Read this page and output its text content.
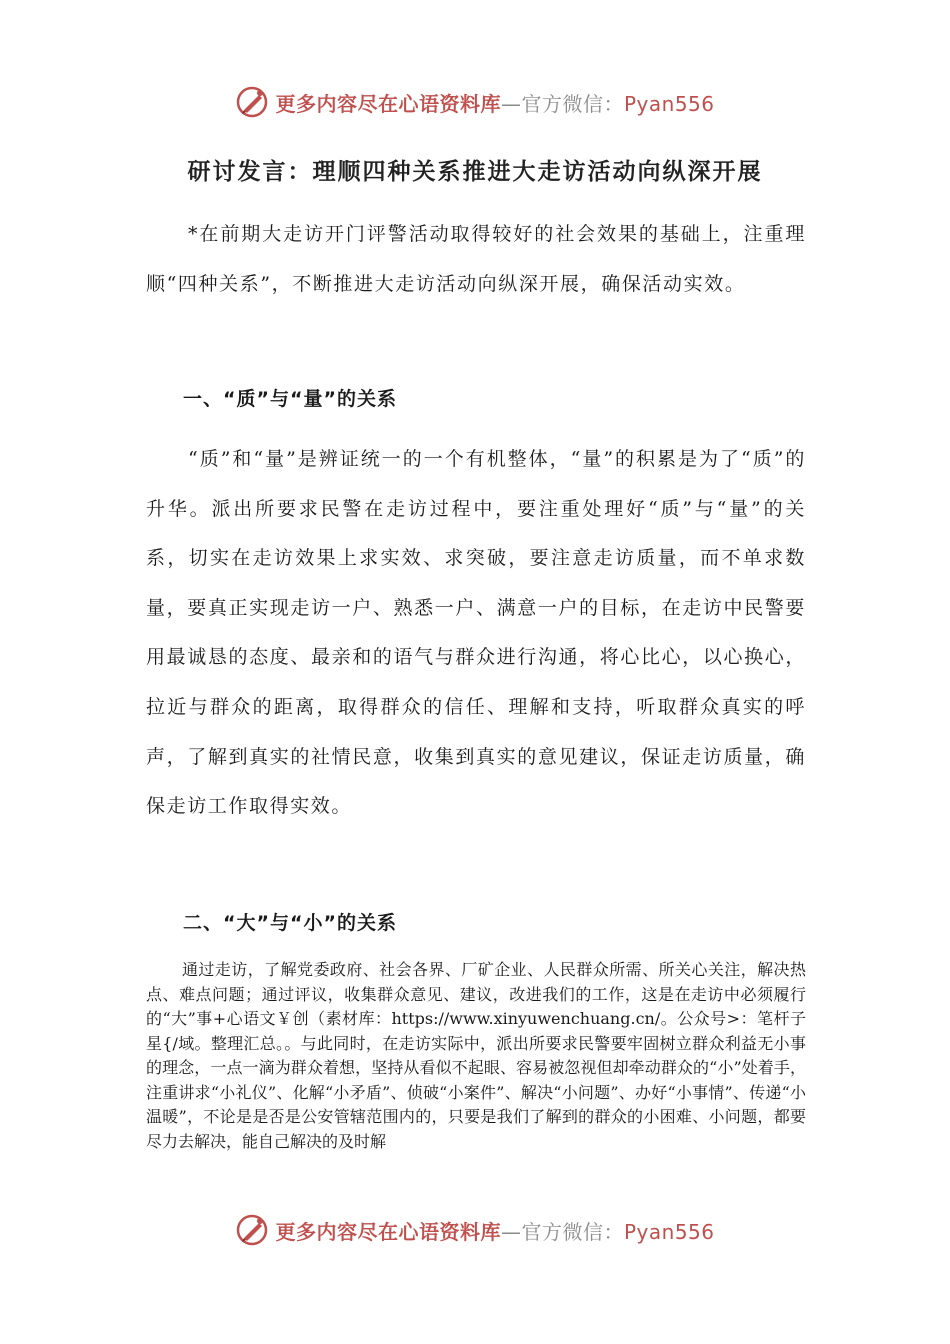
更多内容尽在心语资料库—官方微信：Pyan556
研讨发言：理顺四种关系推进大走访活动向纵深开展

*在前期大走访开门评警活动取得较好的社会效果的基础上，注重理顺“四种关系”，不断推进大走访活动向纵深开展，确保活动实效。

一、“质”与“量”的关系

“质”和“量”是辨证统一的一个有机整体，“量”的积累是为了“质”的升华。派出所要求民警在走访过程中，要注重处理好“质”与“量”的关系，切实在走访效果上求实效、求突破，要注意走访质量，而不单求数量，要真正实现走访一户、熟悉一户、满意一户的目标，在走访中民警要用最诚恳的态度、最亲和的语气与群众进行沟通，将心比心，以心换心，拉近与群众的距离，取得群众的信任、理解和支持，听取群众真实的呼声，了解到真实的社情民意，收集到真实的意见建议，保证走访质量，确保走访工作取得实效。

二、“大”与“小”的关系

通过走访，了解党委政府、社会各界、厂矿企业、人民群众所需、所关心关注，解决热点、难点问题；通过评议，收集群众意见、建议，改进我们的工作，这是在走访中必须履行的“大”事+心语文￥创（素材库：https://www.xinyuwenchuang.cn/。公众号>：笔杆子星{/域。整理汇总。。与此同时，在走访实际中，派出所要求民警要牢固树立群众利益无小事的理念，一点一滴为群众着想，坚持从看似不起眼、容易被忽视但却牵动群众的“小”处着手，注重讲求“小礼仪”、化解“小矛盾”、侦破“小案件”、解决“小问题”、办好“小事情”、传递“小温暖”，不论是是否是公安管辖范围内的，只要是我们了解到的群众的小困难、小问题，都要尽力去解决，能自己解决的及时解

更多内容尽在心语资料库—官方微信：Pyan556
